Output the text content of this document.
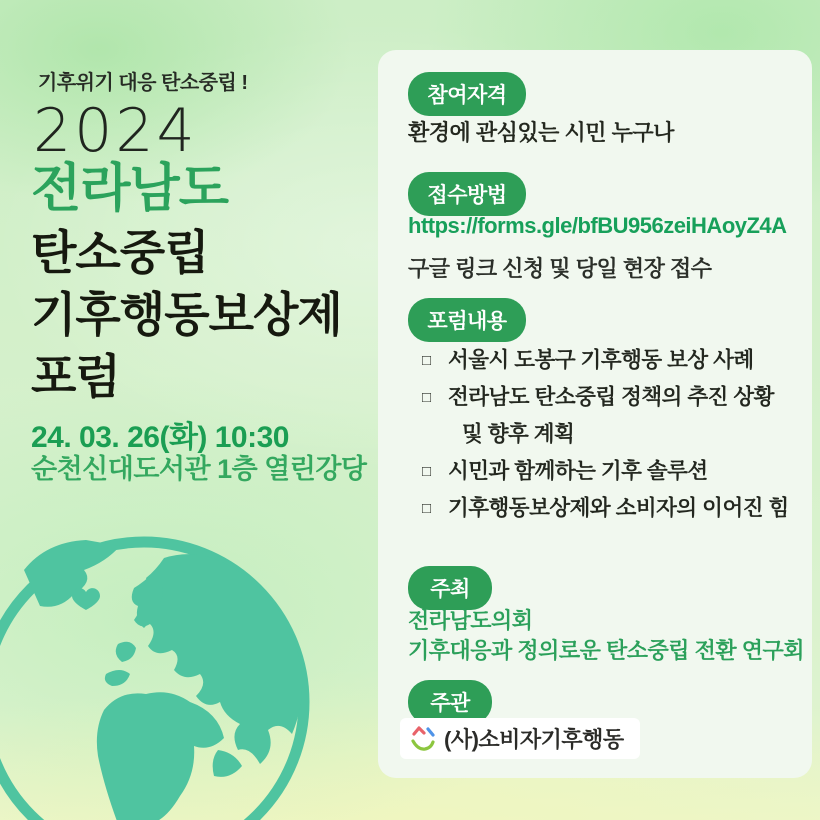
기후위기 대응 탄소중립 !
2024
전라남도
탄소중립
기후행동보상제
포럼
24. 03. 26(화) 10:30
순천신대도서관 1층 열린강당
참여자격
환경에 관심있는 시민 누구나
접수방법
https://forms.gle/bfBU956zeiHAoyZ4A
구글 링크 신청 및 당일 현장 접수
포럼내용
□ 서울시 도봉구 기후행동 보상 사례
□ 전라남도 탄소중립 정책의 추진 상황
및 향후 계획
□ 시민과 함께하는 기후 솔루션
□ 기후행동보상제와 소비자의 이어진 힘
주최
전라남도의회
기후대응과 정의로운 탄소중립 전환 연구회
주관
(사)소비자기후행동
